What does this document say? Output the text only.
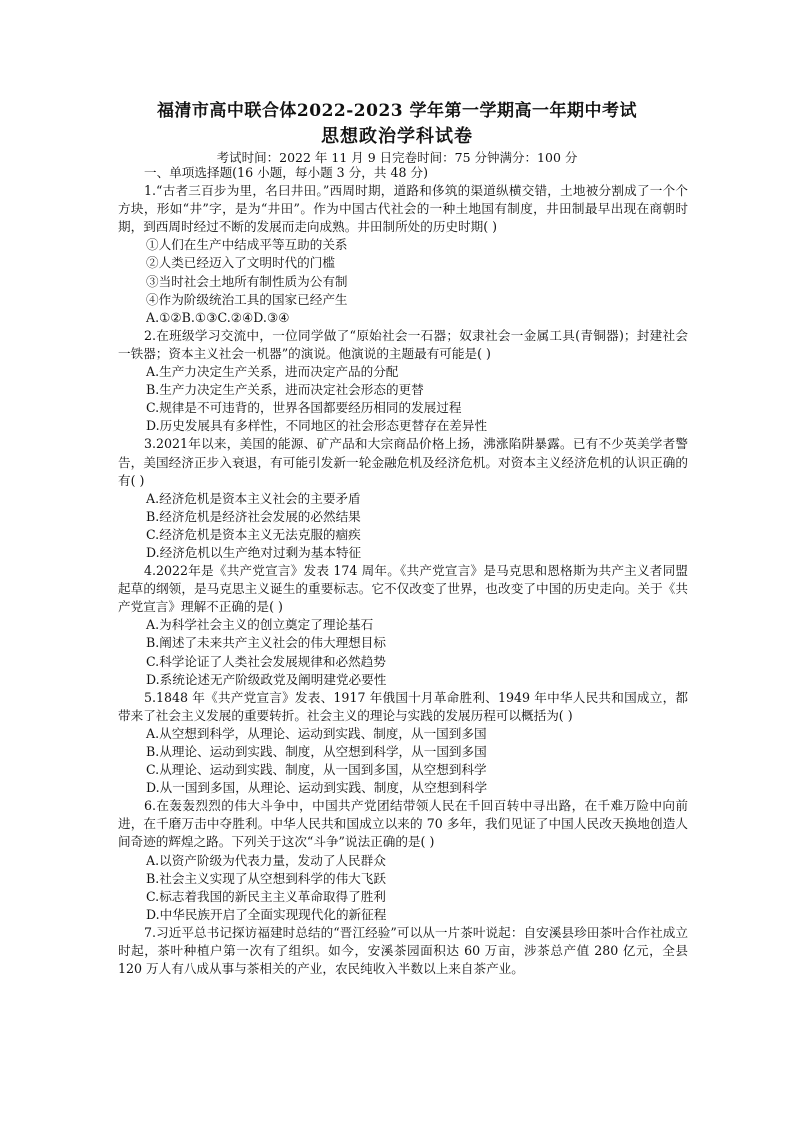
福清市高中联合体2022-2023 学年第一学期高一年期中考试
思想政治学科试卷
考试时间：2022 年 11 月 9 日完卷时间：75 分钟满分：100 分

一、单项选择题(16 小题，每小题 3 分，共 48 分)

1.“古者三百步为里，名曰井田。”西周时期，道路和侈筑的渠道纵横交错，土地被分割成了一个个方块，形如“井”字，是为“井田”。作为中国古代社会的一种土地国有制度，井田制最早出现在商朝时期，到西周时经过不断的发展而走向成熟。井田制所处的历史时期( )

①人们在生产中结成平等互助的关系

②人类已经迈入了文明时代的门槛

③当时社会土地所有制性质为公有制

④作为阶级统治工具的国家已经产生

A.①②B.①③C.②④D.③④

2.在班级学习交流中，一位同学做了“原始社会一石器；奴隶社会一金属工具(青铜器)；封建社会一铁器；资本主义社会一机器”的演说。他演说的主题最有可能是( )

A.生产力决定生产关系，进而决定产品的分配

B.生产力决定生产关系，进而决定社会形态的更替

C.规律是不可违背的，世界各国都要经历相同的发展过程

D.历史发展具有多样性，不同地区的社会形态更替存在差异性

3.2021年以来，美国的能源、矿产品和大宗商品价格上扬，沸涨陷阱暴露。已有不少英美学者警告，美国经济正步入衰退，有可能引发新一轮金融危机及经济危机。对资本主义经济危机的认识正确的有( )

A.经济危机是资本主义社会的主要矛盾

B.经济危机是经济社会发展的必然结果

C.经济危机是资本主义无法克服的痼疾

D.经济危机以生产绝对过剩为基本特征

4.2022年是《共产党宣言》发表 174 周年。《共产党宣言》是马克思和恩格斯为共产主义者同盟起草的纲领，是马克思主义诞生的重要标志。它不仅改变了世界，也改变了中国的历史走向。关于《共产党宣言》理解不正确的是( )

A.为科学社会主义的创立奠定了理论基石

B.阐述了未来共产主义社会的伟大理想目标

C.科学论证了人类社会发展规律和必然趋势

D.系统论述无产阶级政党及阐明建党必要性

5.1848 年《共产党宣言》发表、1917 年俄国十月革命胜利、1949 年中华人民共和国成立，都带来了社会主义发展的重要转折。社会主义的理论与实践的发展历程可以概括为( )

A.从空想到科学，从理论、运动到实践、制度，从一国到多国

B.从理论、运动到实践、制度，从空想到科学，从一国到多国

C.从理论、运动到实践、制度，从一国到多国，从空想到科学

D.从一国到多国，从理论、运动到实践、制度，从空想到科学

6.在轰轰烈烈的伟大斗争中，中国共产党团结带领人民在千回百转中寻出路，在千难万险中向前进，在千磨万击中夺胜利。中华人民共和国成立以来的 70 多年，我们见证了中国人民改天换地创造人间奇迹的辉煌之路。下列关于这次“斗争”说法正确的是( )

A.以资产阶级为代表力量，发动了人民群众

B.社会主义实现了从空想到科学的伟大飞跃

C.标志着我国的新民主主义革命取得了胜利

D.中华民族开启了全面实现现代化的新征程

7.习近平总书记探访福建时总结的“晋江经验”可以从一片茶叶说起：自安溪县珍田茶叶合作社成立时起，茶叶种植户第一次有了组织。如今，安溪茶园面积达 60 万亩，涉茶总产值 280 亿元，全县 120 万人有八成从事与茶相关的产业，农民纯收入半数以上来自茶产业。
